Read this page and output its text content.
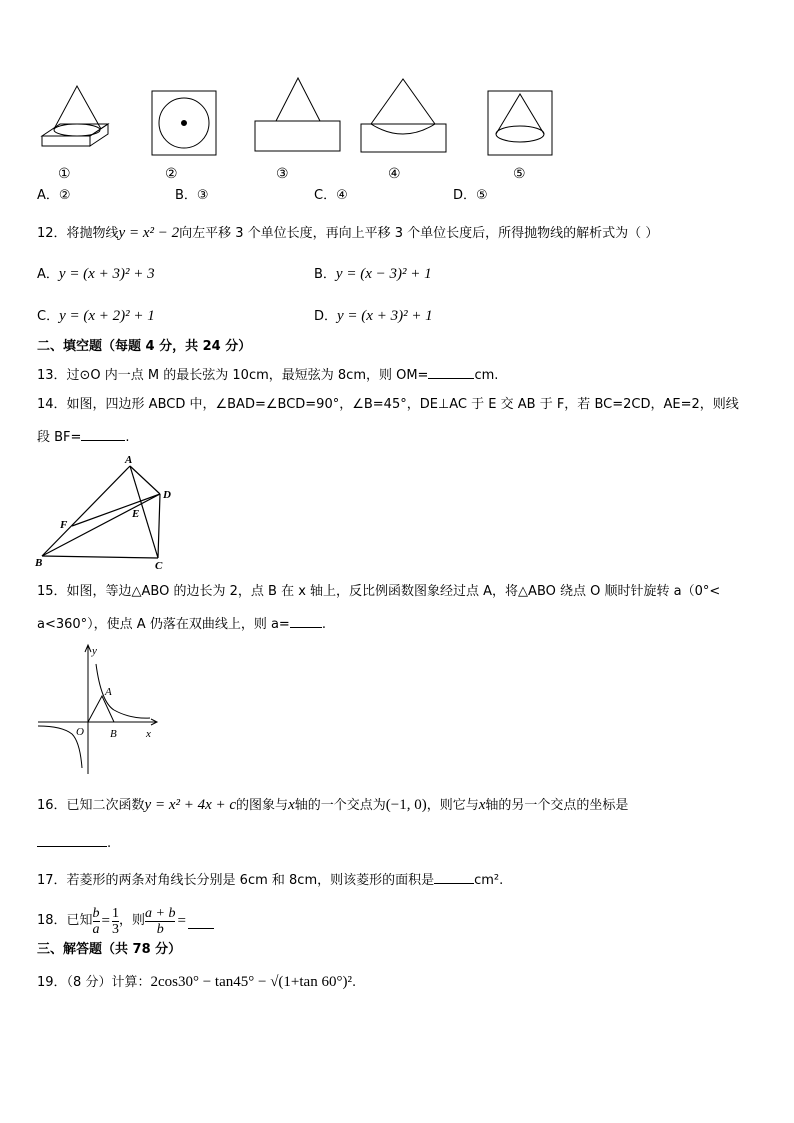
①	②	③	④	⑤
A．②	B．③	C．④	D．⑤
12．将抛物线y = x² − 2向左平移 3 个单位长度，再向上平移 3 个单位长度后，所得抛物线的解析式为（ ）
A．y = (x + 3)² + 3	B．y = (x − 3)² + 1
C．y = (x + 2)² + 1	D．y = (x + 3)² + 1
二、填空题（每题 4 分，共 24 分）
13．过⊙O 内一点 M 的最长弦为 10cm，最短弦为 8cm，则 OM=	cm.
14．如图，四边形 ABCD 中，∠BAD=∠BCD=90°，∠B=45°，DE⊥AC 于 E 交 AB 于 F，若 BC=2CD，AE=2，则线
段 BF=	.
A
B	C
D
E
F
15．如图，等边△ABO 的边长为 2，点 B 在 x 轴上，反比例函数图象经过点 A，将△ABO 绕点 O 顺时针旋转 a（0°<
a<360°），使点 A 仍落在双曲线上，则 a= .
y
x
O
A
B
16．已知二次函数y = x² + 4x + c的图象与x轴的一个交点为(−1, 0)，则它与x轴的另一个交点的坐标是
.
17．若菱形的两条对角线长分别是 6cm 和 8cm，则该菱形的面积是	cm².
18．已知 $\frac{b}{a} = \frac{1}{3}$ ，则 $\frac{a + b}{b}$ =
三、解答题（共 78 分）
19．（8 分）计算：2cos30° − tan45° − √(1+tan 60°)².
